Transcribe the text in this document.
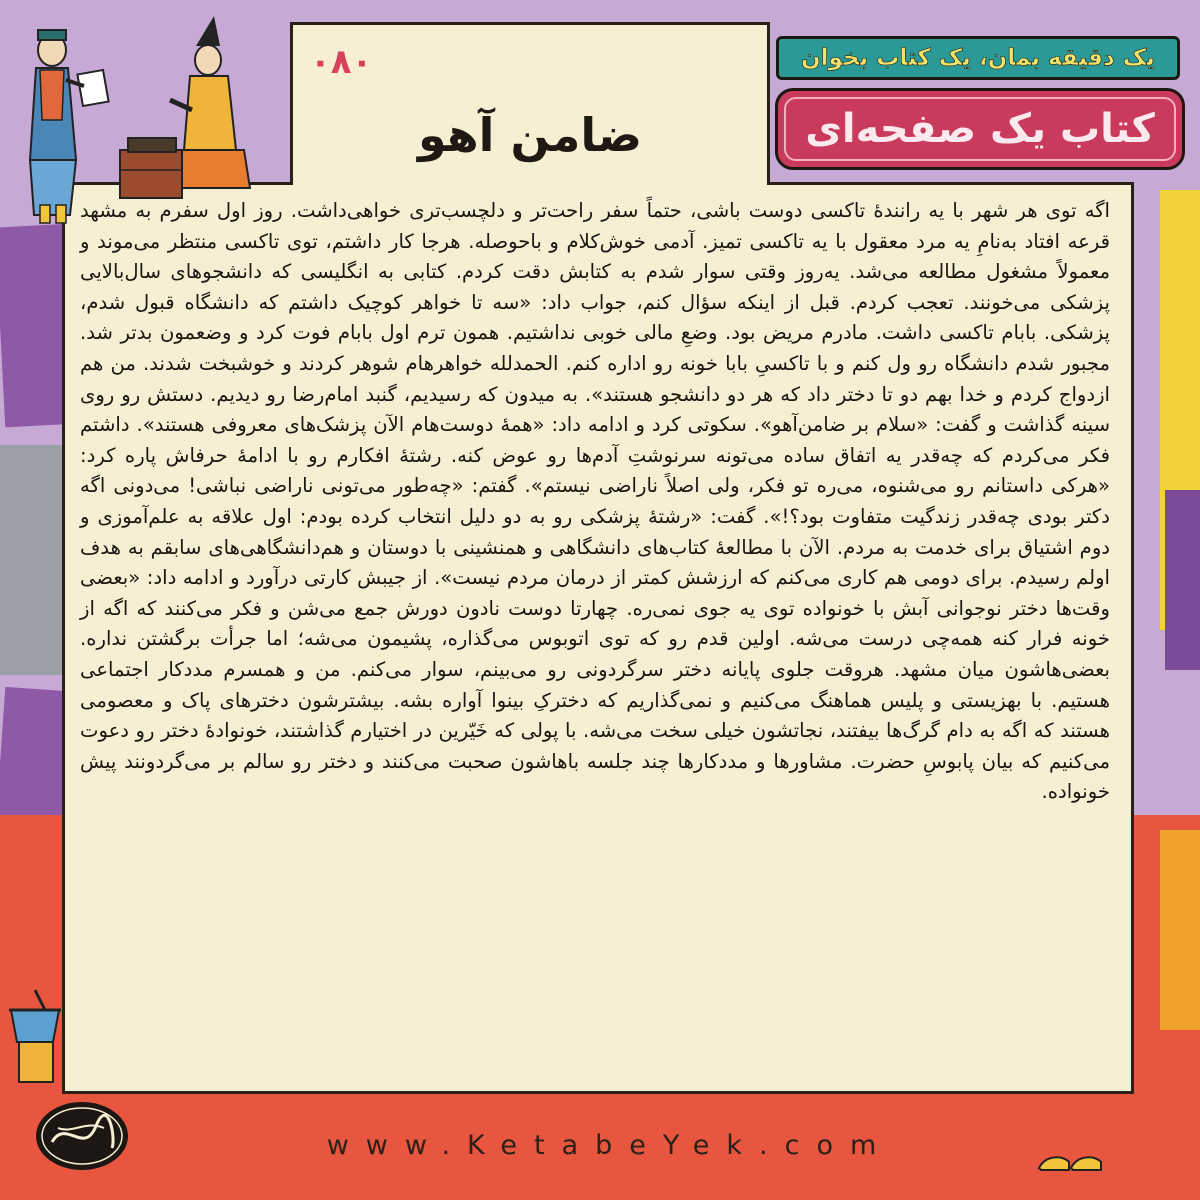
۰۸۰
ضامن آهو
یک دقیقه بمان، یک کتاب بخوان
کتاب یک صفحه‌ای

اگه توی هر شهر با یه رانندهٔ تاکسی دوست باشی، حتماً سفر راحت‌تر و دلچسب‌تری خواهی‌داشت. روز اول سفرم به مشهد قرعه افتاد به‌نامِ یه مرد معقول با یه تاکسی تمیز. آدمی خوش‌کلام و باحوصله. هرجا کار داشتم، توی تاکسی منتظر می‌موند و معمولاً مشغول مطالعه می‌شد. یه‌روز وقتی سوار شدم به کتابش دقت کردم. کتابی به انگلیسی که دانشجوهای سال‌بالایی پزشکی می‌خونند. تعجب کردم. قبل از اینکه سؤال کنم، جواب داد: «سه تا خواهر کوچیک داشتم که دانشگاه قبول شدم، پزشکی. بابام تاکسی داشت. مادرم مریض بود. وضعِ مالی خوبی نداشتیم. همون ترم اول بابام فوت کرد و وضعمون بدتر شد. مجبور شدم دانشگاه رو ول کنم و با تاکسیِ بابا خونه رو اداره کنم. الحمدلله خواهرهام شوهر کردند و خوشبخت شدند. من هم ازدواج کردم و خدا بهم دو تا دختر داد که هر دو دانشجو هستند». به میدون که رسیدیم، گنبد امام‌رضا رو دیدیم. دستش رو روی سینه گذاشت و گفت: «سلام بر ضامن‌آهو». سکوتی کرد و ادامه داد: «همهٔ دوست‌هام الآن پزشک‌های معروفی هستند». داشتم فکر می‌کردم که چه‌قدر یه اتفاق ساده می‌تونه سرنوشتِ آدم‌ها رو عوض کنه. رشتهٔ افکارم رو با ادامهٔ حرفاش پاره کرد: «هرکی داستانم رو می‌شنوه، می‌ره تو فکر، ولی اصلاً ناراضی نیستم». گفتم: «چه‌طور می‌تونی ناراضی نباشی! می‌دونی اگه دکتر بودی چه‌قدر زندگیت متفاوت بود؟!». گفت: «رشتهٔ پزشکی رو به دو دلیل انتخاب کرده بودم: اول علاقه به علم‌آموزی و دوم اشتیاق برای خدمت به مردم. الآن با مطالعهٔ کتاب‌های دانشگاهی و همنشینی با دوستان و هم‌دانشگاهی‌های سابقم به هدف اولم رسیدم. برای دومی هم کاری می‌کنم که ارزشش کمتر از درمان مردم نیست». از جیبش کارتی درآورد و ادامه داد: «بعضی وقت‌ها دختر نوجوانی آبش با خونواده توی یه جوی نمی‌ره. چهارتا دوست نادون دورش جمع می‌شن و فکر می‌کنند که اگه از خونه فرار کنه همه‌چی درست می‌شه. اولین قدم رو که توی اتوبوس می‌گذاره، پشیمون می‌شه؛ اما جرأت برگشتن نداره. بعضی‌هاشون میان مشهد. هروقت جلوی پایانه دختر سرگردونی رو می‌بینم، سوار می‌کنم. من و همسرم مددکار اجتماعی هستیم. با بهزیستی و پلیس هماهنگ می‌کنیم و نمی‌گذاریم که دخترکِ بینوا آواره بشه. بیشترشون دخترهای پاک و معصومی هستند که اگه به دام گرگ‌ها بیفتند، نجاتشون خیلی سخت می‌شه. با پولی که خَیّرین در اختیارم گذاشتند، خونوادهٔ دختر رو دعوت می‌کنیم که بیان پابوسِ حضرت. مشاورها و مددکارها چند جلسه باهاشون صحبت می‌کنند و دختر رو سالم بر می‌گردونند پیش خونواده.

www.KetabeYek.com
